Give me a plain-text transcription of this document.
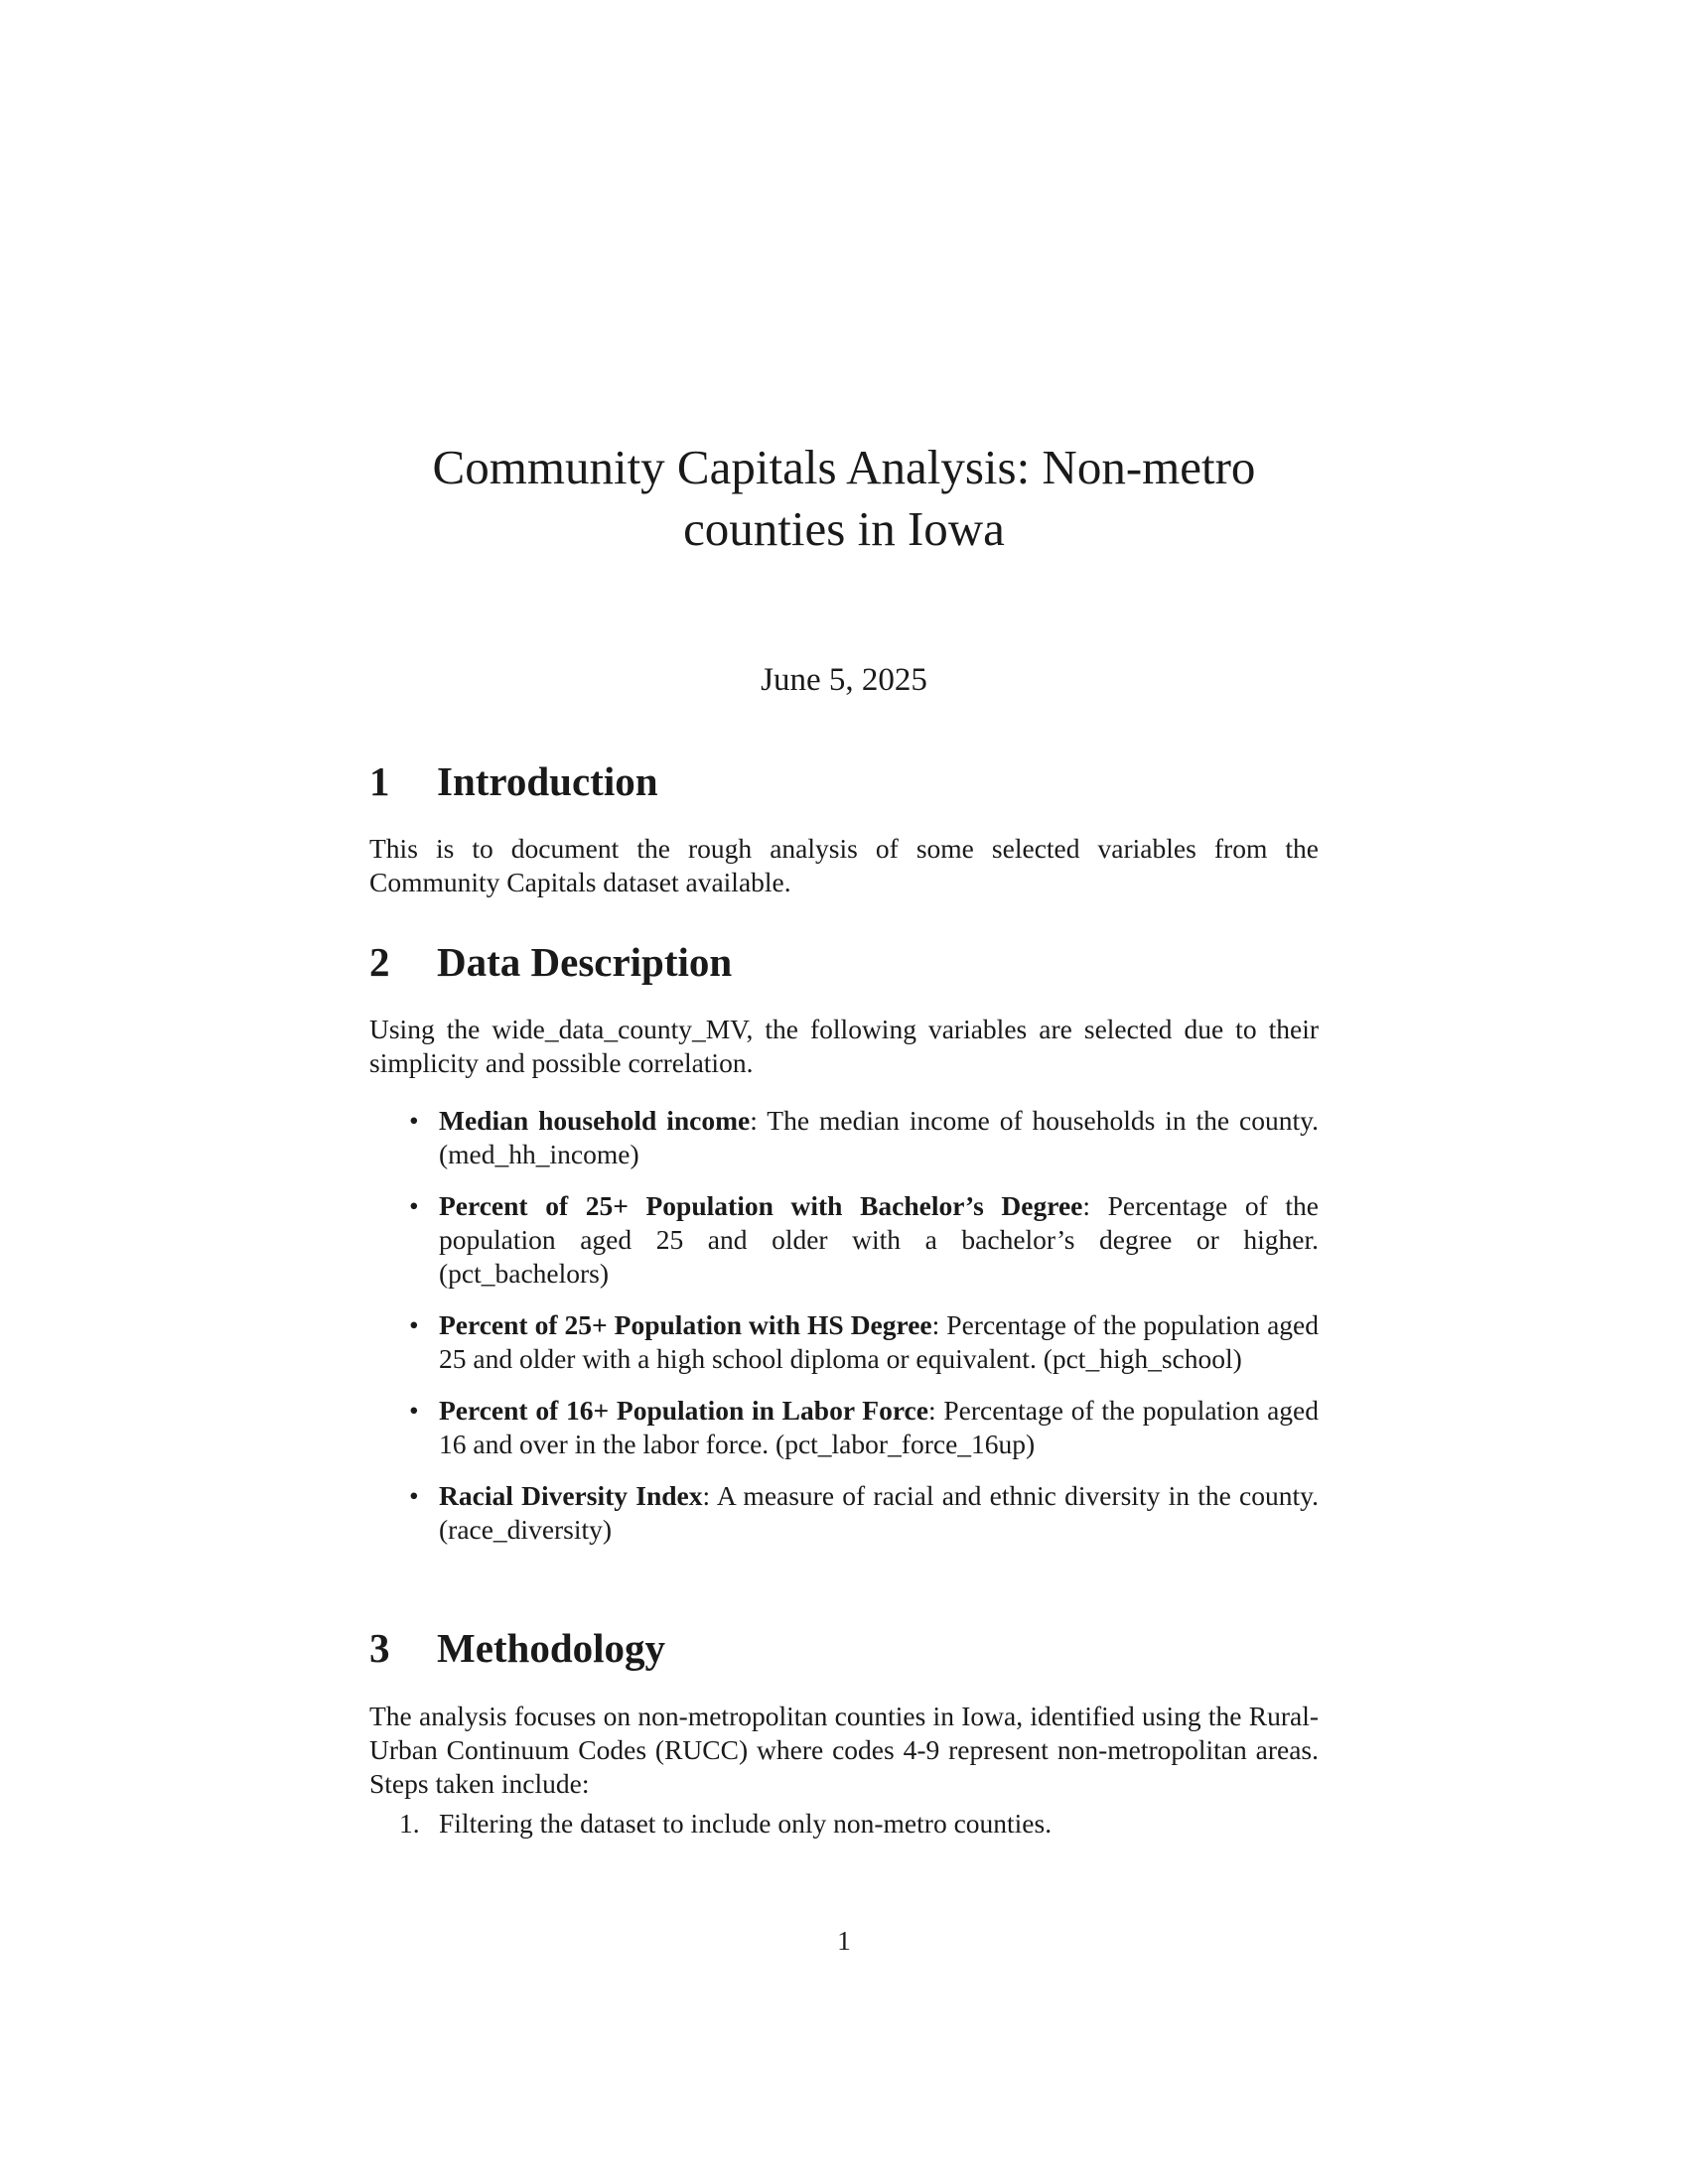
Community Capitals Analysis: Non-metro
counties in Iowa
June 5, 2025
1 Introduction

This is to document the rough analysis of some selected variables from the Community Capitals dataset available.

2 Data Description

Using the wide_data_county_MV, the following variables are selected due to their simplicity and possible correlation.

• Median household income: The median income of households in the county. (med_hh_income)
• Percent of 25+ Population with Bachelor’s Degree: Percentage of the population aged 25 and older with a bachelor’s degree or higher. (pct_bachelors)
• Percent of 25+ Population with HS Degree: Percentage of the population aged 25 and older with a high school diploma or equivalent. (pct_high_school)
• Percent of 16+ Population in Labor Force: Percentage of the population aged 16 and over in the labor force. (pct_labor_force_16up)
• Racial Diversity Index: A measure of racial and ethnic diversity in the county. (race_diversity)
3 Methodology

The analysis focuses on non-metropolitan counties in Iowa, identified using the Rural-Urban Continuum Codes (RUCC) where codes 4-9 represent non-metropolitan areas. Steps taken include:

1. Filtering the dataset to include only non-metro counties.
1
